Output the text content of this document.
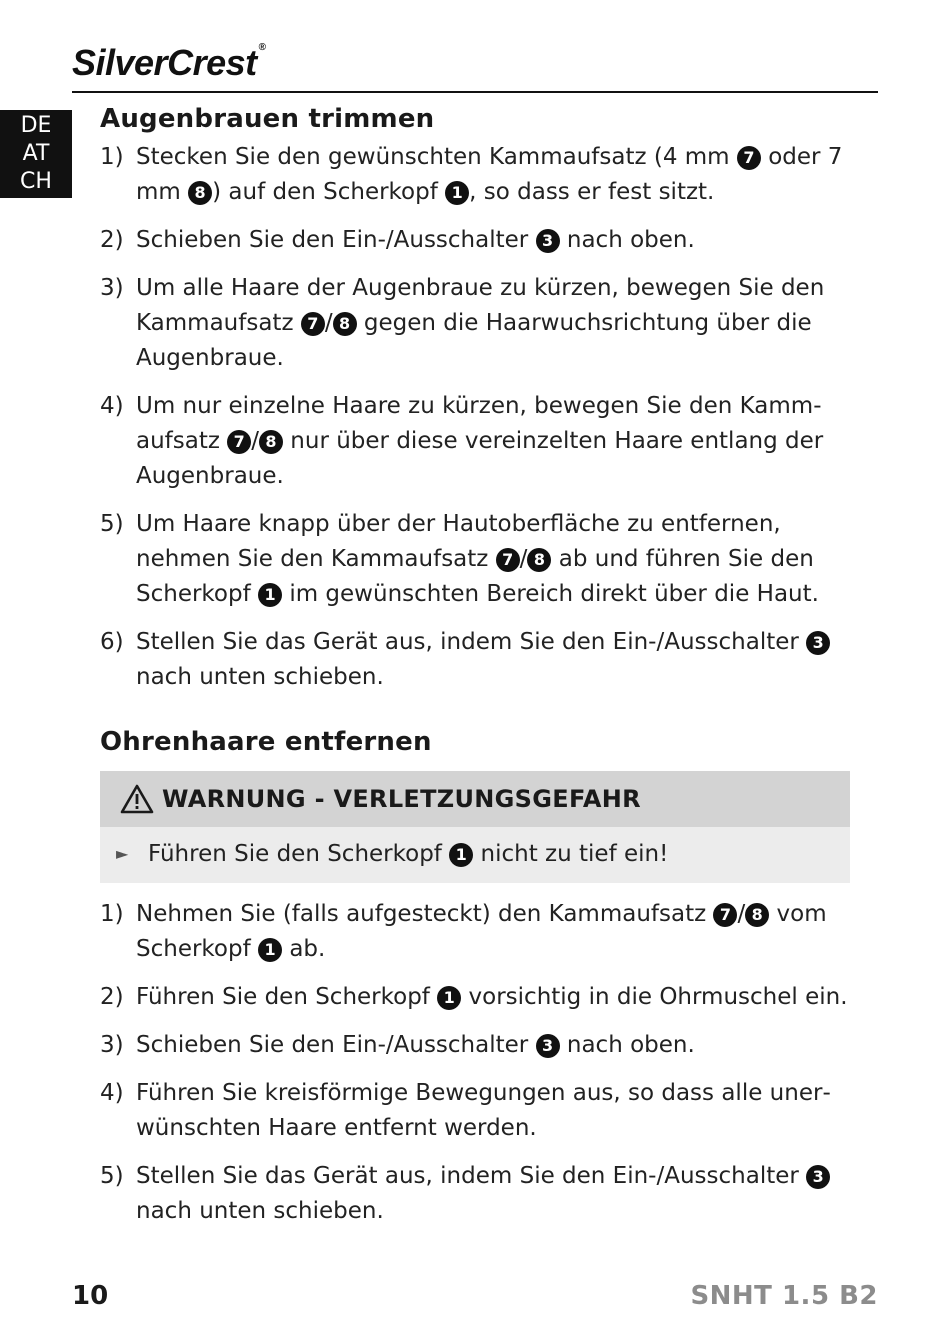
SilverCrest ®
DE
AT
CH
Augenbrauen trimmen
1) Stecken Sie den gewünschten Kammaufsatz (4 mm 7 oder 7 mm 8 ) auf den Scherkopf 1 , so dass er fest sitzt.
2) Schieben Sie den Ein-/Ausschalter 3 nach oben.
3) Um alle Haare der Augenbraue zu kürzen, bewegen Sie den Kammaufsatz 7 / 8 gegen die Haarwuchsrichtung über die Augenbraue.
4) Um nur einzelne Haare zu kürzen, bewegen Sie den Kammaufsatz 7 / 8 nur über diese vereinzelten Haare entlang der Augenbraue.
5) Um Haare knapp über der Hautoberfläche zu entfernen, nehmen Sie den Kammaufsatz 7 / 8 ab und führen Sie den Scherkopf 1 im gewünschten Bereich direkt über die Haut.
6) Stellen Sie das Gerät aus, indem Sie den Ein-/Ausschalter 3 nach unten schieben.
Ohrenhaare entfernen
WARNUNG - VERLETZUNGSGEFAHR
► Führen Sie den Scherkopf 1 nicht zu tief ein!
1) Nehmen Sie (falls aufgesteckt) den Kammaufsatz 7 / 8 vom Scherkopf 1 ab.
2) Führen Sie den Scherkopf 1 vorsichtig in die Ohrmuschel ein.
3) Schieben Sie den Ein-/Ausschalter 3 nach oben.
4) Führen Sie kreisförmige Bewegungen aus, so dass alle unerwünschten Haare entfernt werden.
5) Stellen Sie das Gerät aus, indem Sie den Ein-/Ausschalter 3 nach unten schieben.
10	SNHT 1.5 B2
